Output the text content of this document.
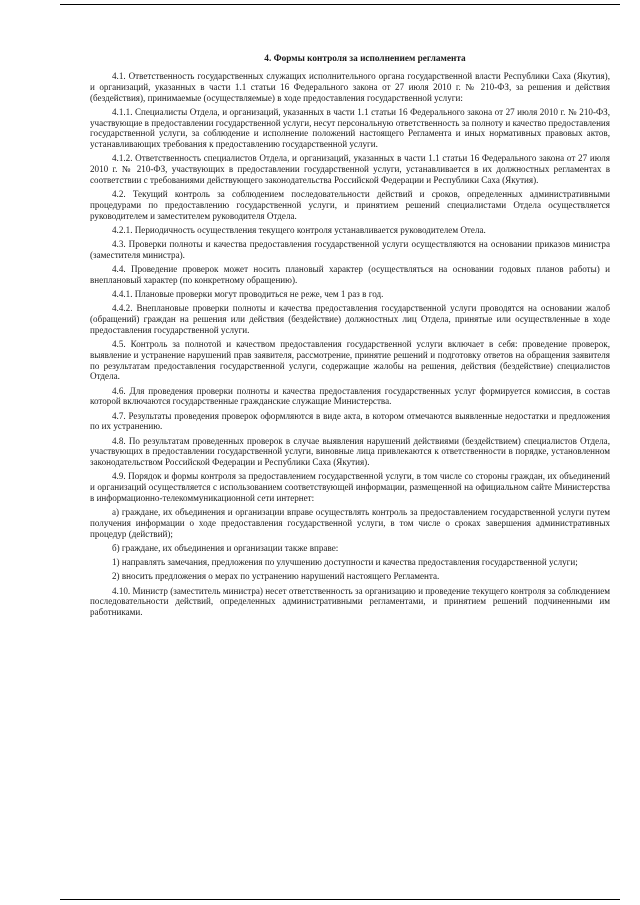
4. Формы контроля за исполнением регламента

4.1. Ответственность государственных служащих исполнительного органа государственной власти Республики Саха (Якутия), и организаций, указанных в части 1.1 статьи 16 Федерального закона от 27 июля 2010 г. № 210-ФЗ, за решения и действия (бездействия), принимаемые (осуществляемые) в ходе предоставления государственной услуги:

4.1.1. Специалисты Отдела, и организаций, указанных в части 1.1 статьи 16 Федерального закона от 27 июля 2010 г. № 210-ФЗ, участвующие в предоставлении государственной услуги, несут персональную ответственность за полноту и качество предоставления государственной услуги, за соблюдение и исполнение положений настоящего Регламента и иных нормативных правовых актов, устанавливающих требования к предоставлению государственной услуги.

4.1.2. Ответственность специалистов Отдела, и организаций, указанных в части 1.1 статьи 16 Федерального закона от 27 июля 2010 г. № 210-ФЗ, участвующих в предоставлении государственной услуги, устанавливается в их должностных регламентах в соответствии с требованиями действующего законодательства Российской Федерации и Республики Саха (Якутия).

4.2. Текущий контроль за соблюдением последовательности действий и сроков, определенных административными процедурами по предоставлению государственной услуги, и принятием решений специалистами Отдела осуществляется руководителем и заместителем руководителя Отдела.

4.2.1. Периодичность осуществления текущего контроля устанавливается руководителем Отела.

4.3. Проверки полноты и качества предоставления государственной услуги осуществляются на основании приказов министра (заместителя министра).

4.4. Проведение проверок может носить плановый характер (осуществляться на основании годовых планов работы) и внеплановый характер (по конкретному обращению).

4.4.1. Плановые проверки могут проводиться не реже, чем 1 раз в год.

4.4.2. Внеплановые проверки полноты и качества предоставления государственной услуги проводятся на основании жалоб (обращений) граждан на решения или действия (бездействие) должностных лиц Отдела, принятые или осуществленные в ходе предоставления государственной услуги.

4.5. Контроль за полнотой и качеством предоставления государственной услуги включает в себя: проведение проверок, выявление и устранение нарушений прав заявителя, рассмотрение, принятие решений и подготовку ответов на обращения заявителя по результатам предоставления государственной услуги, содержащие жалобы на решения, действия (бездействие) специалистов Отдела.

4.6. Для проведения проверки полноты и качества предоставления государственных услуг формируется комиссия, в состав которой включаются государственные гражданские служащие Министерства.

4.7. Результаты проведения проверок оформляются в виде акта, в котором отмечаются выявленные недостатки и предложения по их устранению.

4.8. По результатам проведенных проверок в случае выявления нарушений действиями (бездействием) специалистов Отдела, участвующих в предоставлении государственной услуги, виновные лица привлекаются к ответственности в порядке, установленном законодательством Российской Федерации и Республики Саха (Якутия).

4.9. Порядок и формы контроля за предоставлением государственной услуги, в том числе со стороны граждан, их объединений и организаций осуществляется с использованием соответствующей информации, размещенной на официальном сайте Министерства в информационно-телекоммуникационной сети интернет:

а) граждане, их объединения и организации вправе осуществлять контроль за предоставлением государственной услуги путем получения информации о ходе предоставления государственной услуги, в том числе о сроках завершения административных процедур (действий);

б) граждане, их объединения и организации также вправе:

1) направлять замечания, предложения по улучшению доступности и качества предоставления государственной услуги;

2) вносить предложения о мерах по устранению нарушений настоящего Регламента.

4.10. Министр (заместитель министра) несет ответственность за организацию и проведение текущего контроля за соблюдением последовательности действий, определенных административными регламентами, и принятием решений подчиненными им работниками.
